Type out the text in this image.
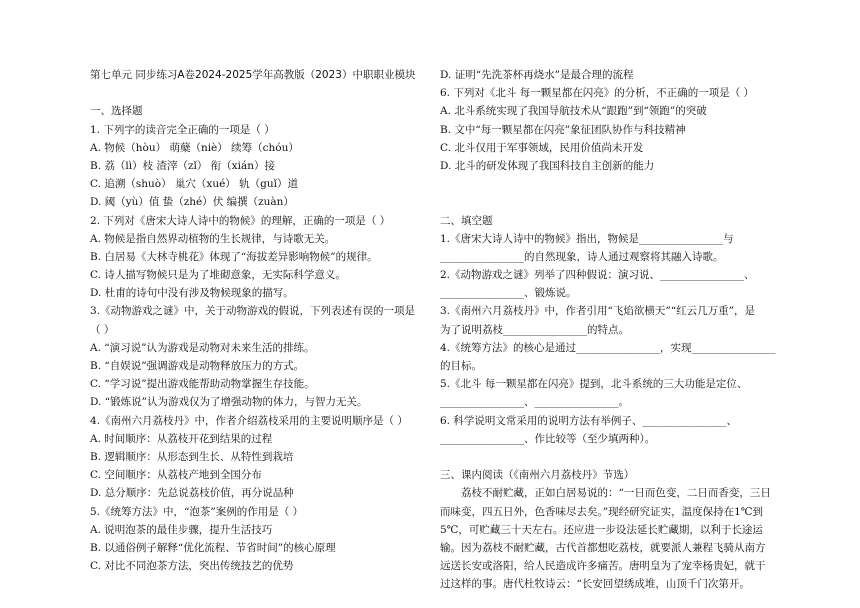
第七单元 同步练习A卷2024-2025学年高教版（2023）中职职业模块
一、选择题
1. 下列字的读音完全正确的一项是（ ）
A. 物候（hòu） 萌蘖（niè） 续筹（chóu）
B. 荔（lì）枝 渣滓（zǐ） 衔（xián）接
C. 追溯（shuò） 巢穴（xué） 轨（guǐ）道
D. 阈（yù）值 蛰（zhé）伏 编撰（zuàn）
2. 下列对《唐宋大诗人诗中的物候》的理解，正确的一项是（ ）
A. 物候是指自然界动植物的生长规律，与诗歌无关。
B. 白居易《大林寺桃花》体现了“海拔差异影响物候”的规律。
C. 诗人描写物候只是为了堆砌意象，无实际科学意义。
D. 杜甫的诗句中没有涉及物候现象的描写。
3.《动物游戏之谜》中，关于动物游戏的假说，下列表述有误的一项是
（ ）
A. “演习说”认为游戏是动物对未来生活的排练。
B. “自娱说”强调游戏是动物释放压力的方式。
C. “学习说”提出游戏能帮助动物掌握生存技能。
D. “锻炼说”认为游戏仅为了增强动物的体力，与智力无关。
4.《南州六月荔枝丹》中，作者介绍荔枝采用的主要说明顺序是（ ）
A. 时间顺序：从荔枝开花到结果的过程
B. 逻辑顺序：从形态到生长、从特性到栽培
C. 空间顺序：从荔枝产地到全国分布
D. 总分顺序：先总说荔枝价值，再分说品种
5.《统筹方法》中，“泡茶”案例的作用是（ ）
A. 说明泡茶的最佳步骤，提升生活技巧
B. 以通俗例子解释“优化流程、节省时间”的核心原理
C. 对比不同泡茶方法，突出传统技艺的优势
D. 证明“先洗茶杯再烧水”是最合理的流程
6. 下列对《北斗 每一颗星都在闪亮》的分析，不正确的一项是（ ）
A. 北斗系统实现了我国导航技术从“跟跑”到“领跑”的突破
B. 文中“每一颗星都在闪亮”象征团队协作与科技精神
C. 北斗仅用于军事领域，民用价值尚未开发
D. 北斗的研发体现了我国科技自主创新的能力
二、填空题
1.《唐宋大诗人诗中的物候》指出，物候是________________与
________________的自然现象，诗人通过观察将其融入诗歌。
2.《动物游戏之谜》列举了四种假说：演习说、________________、
________________、锻炼说。
3.《南州六月荔枝丹》中，作者引用“飞焰欲横天”“红云几万重”，是
为了说明荔枝________________的特点。
4.《统筹方法》的核心是通过________________，实现________________
的目标。
5.《北斗 每一颗星都在闪亮》提到，北斗系统的三大功能是定位、
________________、________________。
6. 科学说明文常采用的说明方法有举例子、________________、
________________、作比较等（至少填两种）。
三、课内阅读（《南州六月荔枝丹》节选）
荔枝不耐贮藏，正如白居易说的：“一日而色变，二日而香变，三日而味变，四五日外，色香味尽去矣。”现经研究证实，温度保持在1℃到5℃，可贮藏三十天左右。还应进一步设法延长贮藏期，以利于长途运输。因为荔枝不耐贮藏，古代首都想吃荔枝，就要派人兼程飞骑从南方远送长安或洛阳，给人民造成许多痛苦。唐明皇为了宠幸杨贵妃，就干过这样的事。唐代杜牧诗云：“长安回望绣成堆，山顶千门次第开。
